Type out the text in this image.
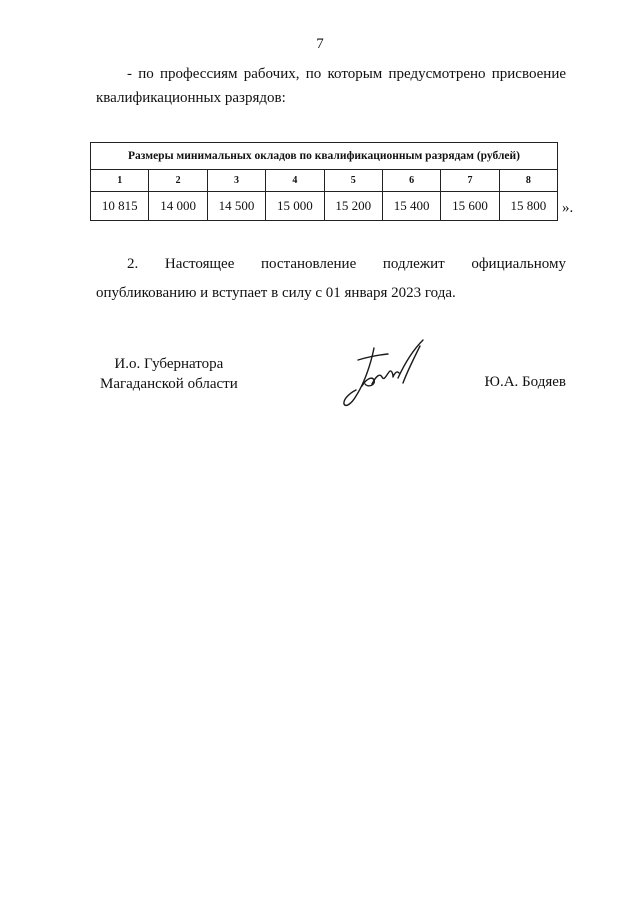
7
- по профессиям рабочих, по которым предусмотрено присвоение
квалификационных разрядов:
Размеры минимальных окладов по квалификационным разрядам (рублей)							
1	2	3	4	5	6	7	8
10 815	14 000	14 500	15 000	15 200	15 400	15 600	15 800 ».
2. Настоящее постановление подлежит официальному
опубликованию и вступает в силу с 01 января 2023 года.
И.о. Губернатора
Магаданской области	Ю.А. Бодяев
